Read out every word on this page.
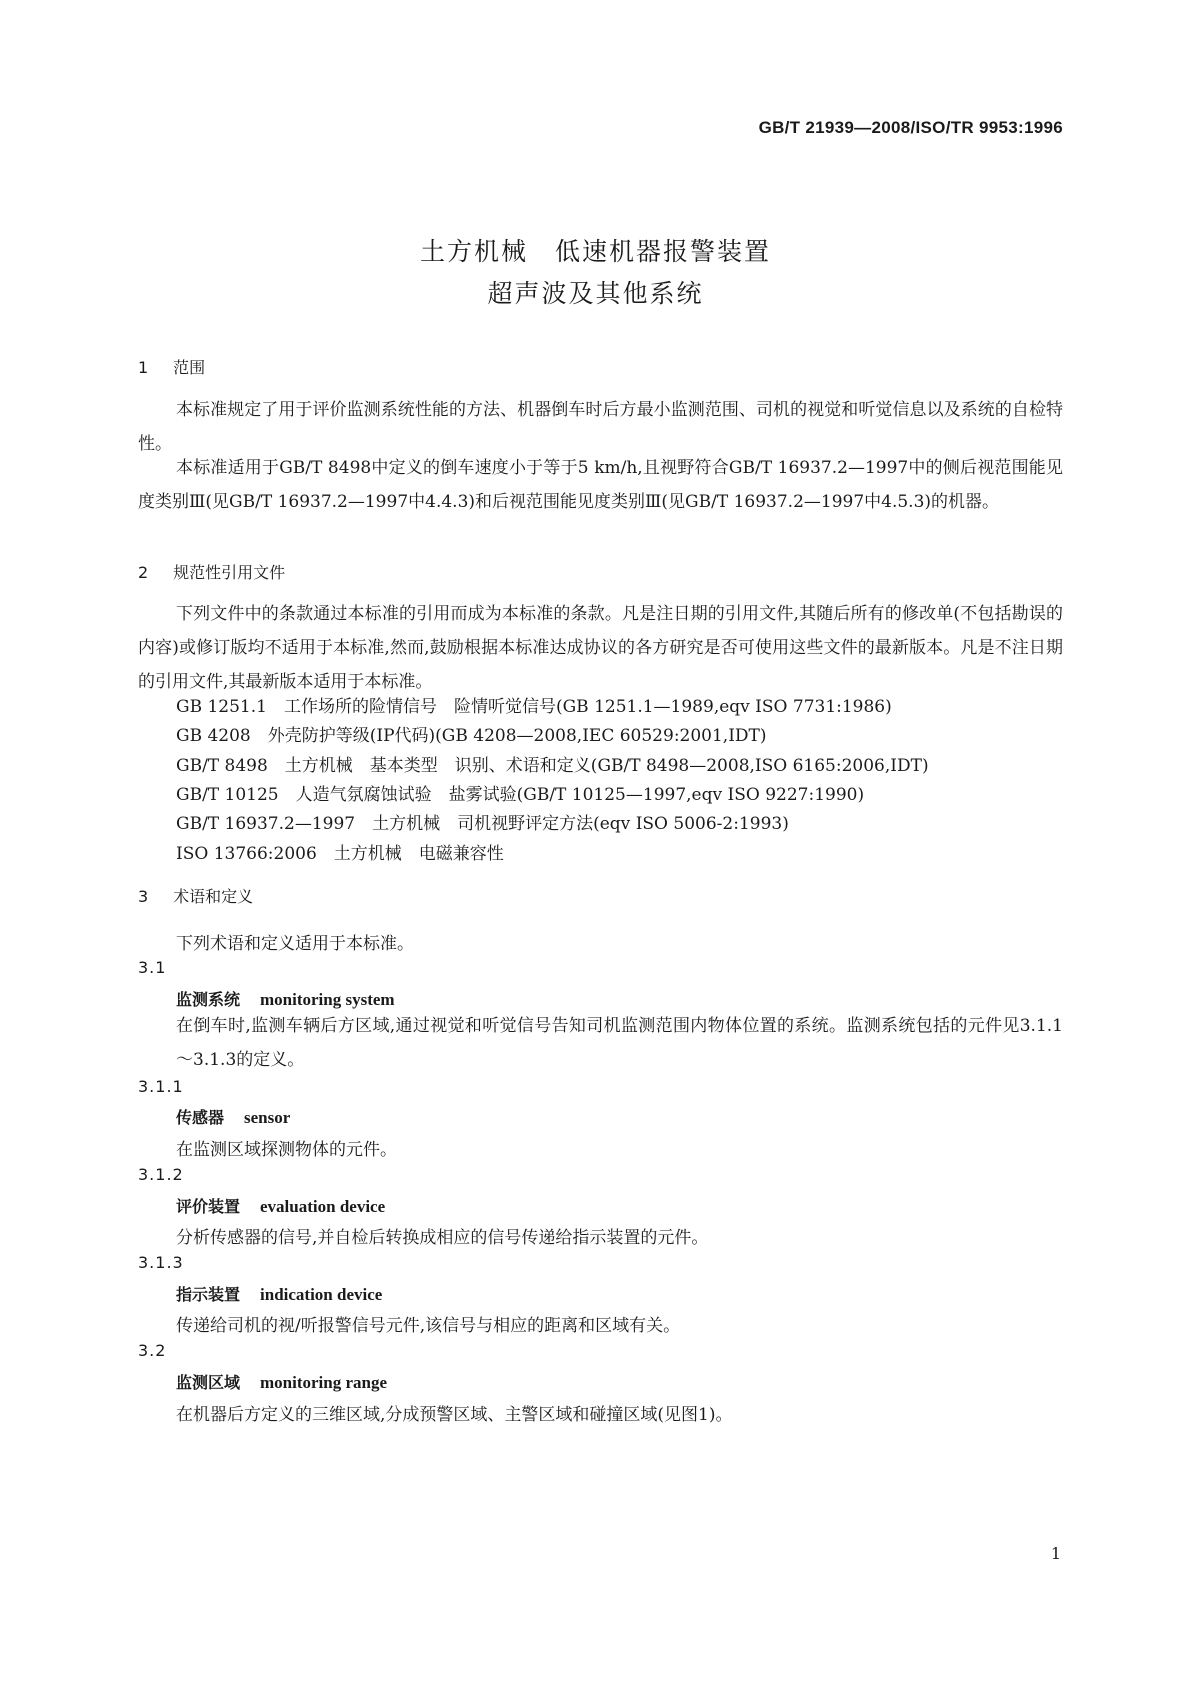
GB/T 21939—2008/ISO/TR 9953:1996
土方机械　低速机器报警装置
超声波及其他系统
1 范围
本标准规定了用于评价监测系统性能的方法、机器倒车时后方最小监测范围、司机的视觉和听觉信息以及系统的自检特性。
本标准适用于GB/T 8498中定义的倒车速度小于等于5 km/h,且视野符合GB/T 16937.2—1997中的侧后视范围能见度类别Ⅲ(见GB/T 16937.2—1997中4.4.3)和后视范围能见度类别Ⅲ(见GB/T 16937.2—1997中4.5.3)的机器。
2 规范性引用文件
下列文件中的条款通过本标准的引用而成为本标准的条款。凡是注日期的引用文件,其随后所有的修改单(不包括勘误的内容)或修订版均不适用于本标准,然而,鼓励根据本标准达成协议的各方研究是否可使用这些文件的最新版本。凡是不注日期的引用文件,其最新版本适用于本标准。
GB 1251.1　工作场所的险情信号　险情听觉信号(GB 1251.1—1989,eqv ISO 7731:1986)
GB 4208　外壳防护等级(IP代码)(GB 4208—2008,IEC 60529:2001,IDT)
GB/T 8498　土方机械　基本类型　识别、术语和定义(GB/T 8498—2008,ISO 6165:2006,IDT)
GB/T 10125　人造气氛腐蚀试验　盐雾试验(GB/T 10125—1997,eqv ISO 9227:1990)
GB/T 16937.2—1997　土方机械　司机视野评定方法(eqv ISO 5006-2:1993)
ISO 13766:2006　土方机械　电磁兼容性
3 术语和定义
下列术语和定义适用于本标准。
3.1
监测系统 monitoring system
在倒车时,监测车辆后方区域,通过视觉和听觉信号告知司机监测范围内物体位置的系统。监测系统包括的元件见3.1.1～3.1.3的定义。
3.1.1
传感器 sensor
在监测区域探测物体的元件。
3.1.2
评价装置 evaluation device
分析传感器的信号,并自检后转换成相应的信号传递给指示装置的元件。
3.1.3
指示装置 indication device
传递给司机的视/听报警信号元件,该信号与相应的距离和区域有关。
3.2
监测区域 monitoring range
在机器后方定义的三维区域,分成预警区域、主警区域和碰撞区域(见图1)。
1
